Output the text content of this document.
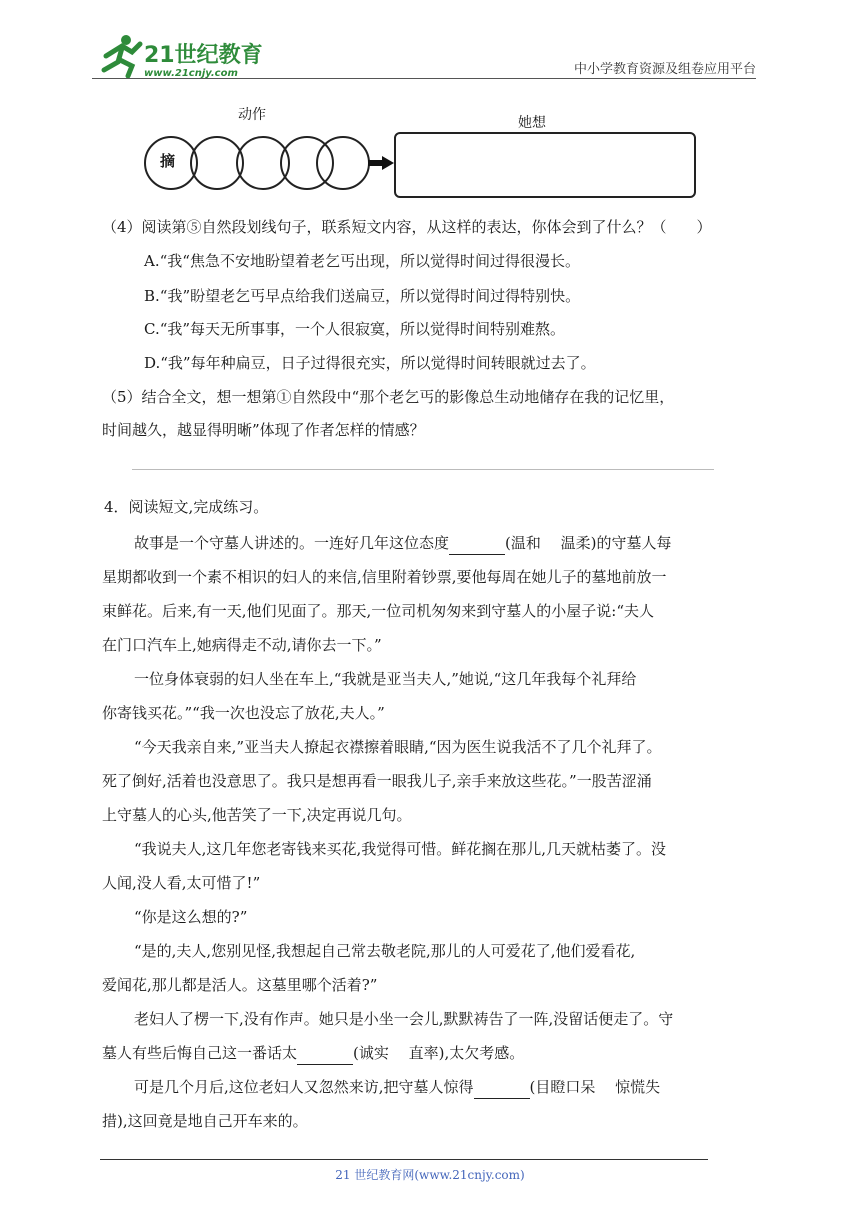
21世纪教育
www.21cnjy.com	中小学教育资源及组卷应用平台
动作	她想
摘
（4）阅读第⑤自然段划线句子，联系短文内容，从这样的表达，你体会到了什么？（　　）
A.“我“焦急不安地盼望着老乞丐出现，所以觉得时间过得很漫长。
B.“我”盼望老乞丐早点给我们送扁豆，所以觉得时间过得特别快。
C.“我”每天无所事事，一个人很寂寞，所以觉得时间特别难熬。
D.“我”每年种扁豆，日子过得很充实，所以觉得时间转眼就过去了。
（5）结合全文，想一想第①自然段中“那个老乞丐的影像总生动地储存在我的记忆里，
时间越久，越显得明晰”体现了作者怎样的情感？
4．阅读短文,完成练习。
故事是一个守墓人讲述的。一连好几年这位态度	(温和　 温柔)的守墓人每
星期都收到一个素不相识的妇人的来信,信里附着钞票,要他每周在她儿子的墓地前放一
束鲜花。后来,有一天,他们见面了。那天,一位司机匆匆来到守墓人的小屋子说:“夫人
在门口汽车上,她病得走不动,请你去一下。”
一位身体衰弱的妇人坐在车上,“我就是亚当夫人,”她说,“这几年我每个礼拜给
你寄钱买花。”“我一次也没忘了放花,夫人。”
“今天我亲自来,”亚当夫人撩起衣襟擦着眼睛,“因为医生说我活不了几个礼拜了。
死了倒好,活着也没意思了。我只是想再看一眼我儿子,亲手来放这些花。”一股苦涩涌
上守墓人的心头,他苦笑了一下,决定再说几句。
“我说夫人,这几年您老寄钱来买花,我觉得可惜。鲜花搁在那儿,几天就枯萎了。没
人闻,没人看,太可惜了!”
“你是这么想的?”
“是的,夫人,您别见怪,我想起自己常去敬老院,那儿的人可爱花了,他们爱看花,
爱闻花,那儿都是活人。这墓里哪个活着?”
老妇人了楞一下,没有作声。她只是小坐一会儿,默默祷告了一阵,没留话便走了。守
墓人有些后悔自己这一番话太	(诚实　 直率),太欠考感。
可是几个月后,这位老妇人又忽然来访,把守墓人惊得	(目瞪口呆　 惊慌失
措),这回竟是地自己开车来的。
21 世纪教育网(www.21cnjy.com)
